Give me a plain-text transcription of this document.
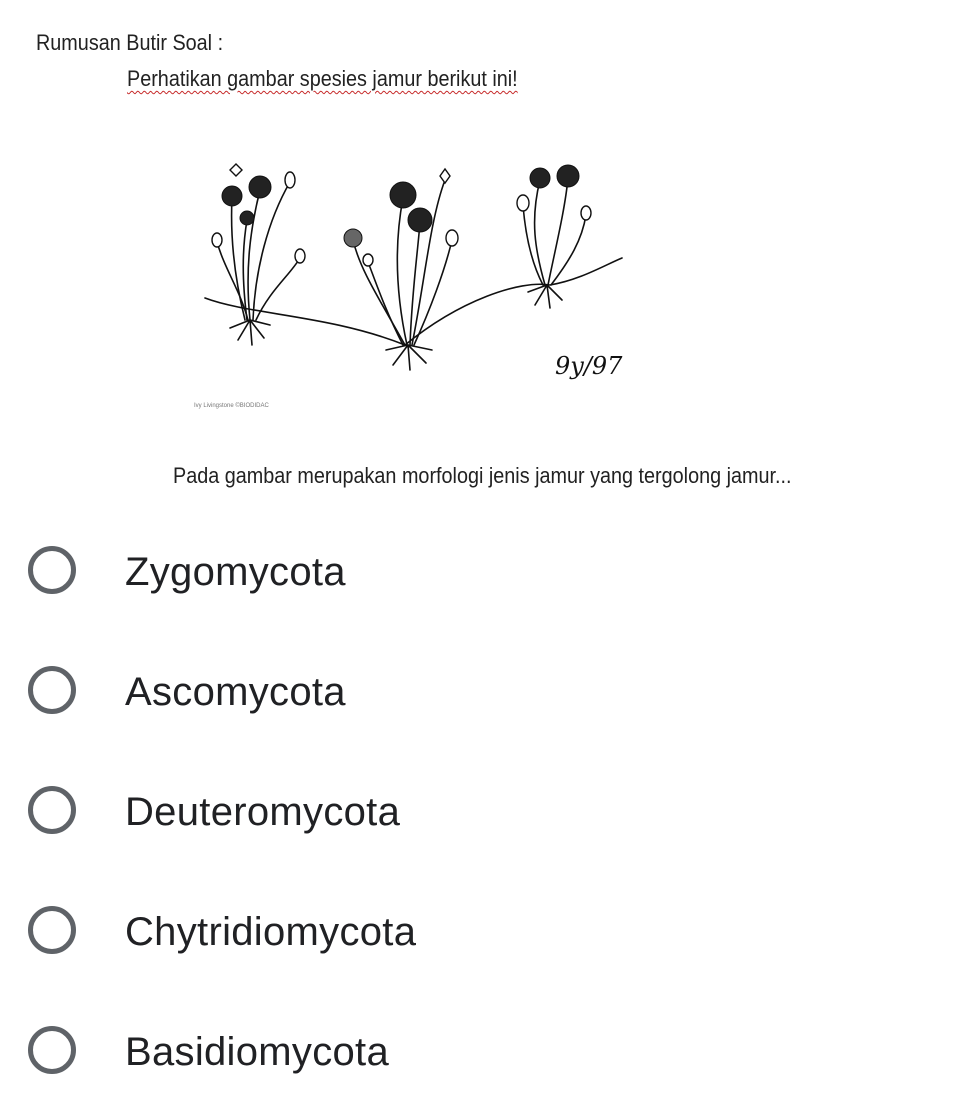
Rumusan Butir Soal :
Perhatikan gambar spesies jamur berikut ini!
Ivy Livingstone ©BIODIDAC
9y/97
Pada gambar merupakan morfologi jenis jamur yang tergolong jamur...
Zygomycota
Ascomycota
Deuteromycota
Chytridiomycota
Basidiomycota
